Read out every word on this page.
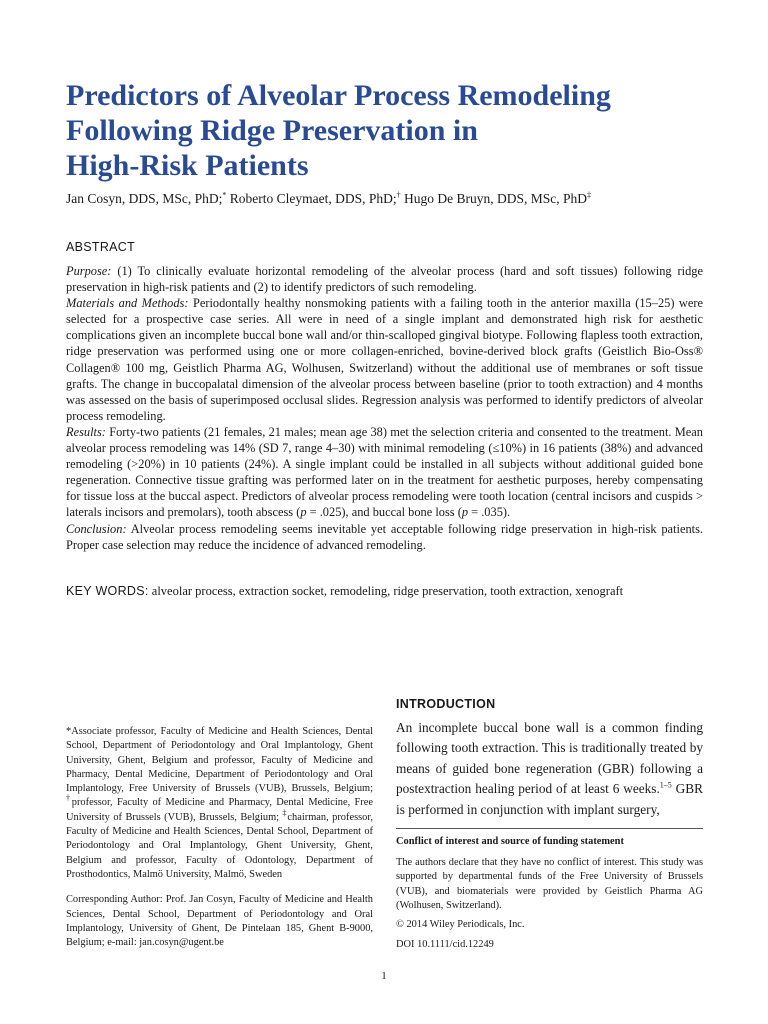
Predictors of Alveolar Process Remodeling
Following Ridge Preservation in
High-Risk Patients
Jan Cosyn, DDS, MSc, PhD;* Roberto Cleymaet, DDS, PhD;† Hugo De Bruyn, DDS, MSc, PhD‡
ABSTRACT

Purpose: (1) To clinically evaluate horizontal remodeling of the alveolar process (hard and soft tissues) following ridge preservation in high-risk patients and (2) to identify predictors of such remodeling.

Materials and Methods: Periodontally healthy nonsmoking patients with a failing tooth in the anterior maxilla (15–25) were selected for a prospective case series. All were in need of a single implant and demonstrated high risk for aesthetic complications given an incomplete buccal bone wall and/or thin-scalloped gingival biotype. Following flapless tooth extraction, ridge preservation was performed using one or more collagen-enriched, bovine-derived block grafts (Geistlich Bio-Oss® Collagen® 100 mg, Geistlich Pharma AG, Wolhusen, Switzerland) without the additional use of membranes or soft tissue grafts. The change in buccopalatal dimension of the alveolar process between baseline (prior to tooth extraction) and 4 months was assessed on the basis of superimposed occlusal slides. Regression analysis was performed to identify predictors of alveolar process remodeling.

Results: Forty-two patients (21 females, 21 males; mean age 38) met the selection criteria and consented to the treatment. Mean alveolar process remodeling was 14% (SD 7, range 4–30) with minimal remodeling (≤10%) in 16 patients (38%) and advanced remodeling (>20%) in 10 patients (24%). A single implant could be installed in all subjects without additional guided bone regeneration. Connective tissue grafting was performed later on in the treatment for aesthetic purposes, hereby compensating for tissue loss at the buccal aspect. Predictors of alveolar process remodeling were tooth location (central incisors and cuspids > laterals incisors and premolars), tooth abscess (p = .025), and buccal bone loss (p = .035).

Conclusion: Alveolar process remodeling seems inevitable yet acceptable following ridge preservation in high-risk patients. Proper case selection may reduce the incidence of advanced remodeling.

KEY WORDS: alveolar process, extraction socket, remodeling, ridge preservation, tooth extraction, xenograft

*Associate professor, Faculty of Medicine and Health Sciences, Dental School, Department of Periodontology and Oral Implantology, Ghent University, Ghent, Belgium and professor, Faculty of Medicine and Pharmacy, Dental Medicine, Department of Periodontology and Oral Implantology, Free University of Brussels (VUB), Brussels, Belgium; †professor, Faculty of Medicine and Pharmacy, Dental Medicine, Free University of Brussels (VUB), Brussels, Belgium; ‡chairman, professor, Faculty of Medicine and Health Sciences, Dental School, Department of Periodontology and Oral Implantology, Ghent University, Ghent, Belgium and professor, Faculty of Odontology, Department of Prosthodontics, Malmö University, Malmö, Sweden

Corresponding Author: Prof. Jan Cosyn, Faculty of Medicine and Health Sciences, Dental School, Department of Periodontology and Oral Implantology, University of Ghent, De Pintelaan 185, Ghent B-9000, Belgium; e-mail: jan.cosyn@ugent.be

INTRODUCTION

An incomplete buccal bone wall is a common finding following tooth extraction. This is traditionally treated by means of guided bone regeneration (GBR) following a postextraction healing period of at least 6 weeks.$^{1-5}$ GBR is performed in conjunction with implant surgery,

Conflict of interest and source of funding statement
The authors declare that they have no conflict of interest. This study was supported by departmental funds of the Free University of Brussels (VUB), and biomaterials were provided by Geistlich Pharma AG (Wolhusen, Switzerland).
© 2014 Wiley Periodicals, Inc.
DOI 10.1111/cid.12249
1
